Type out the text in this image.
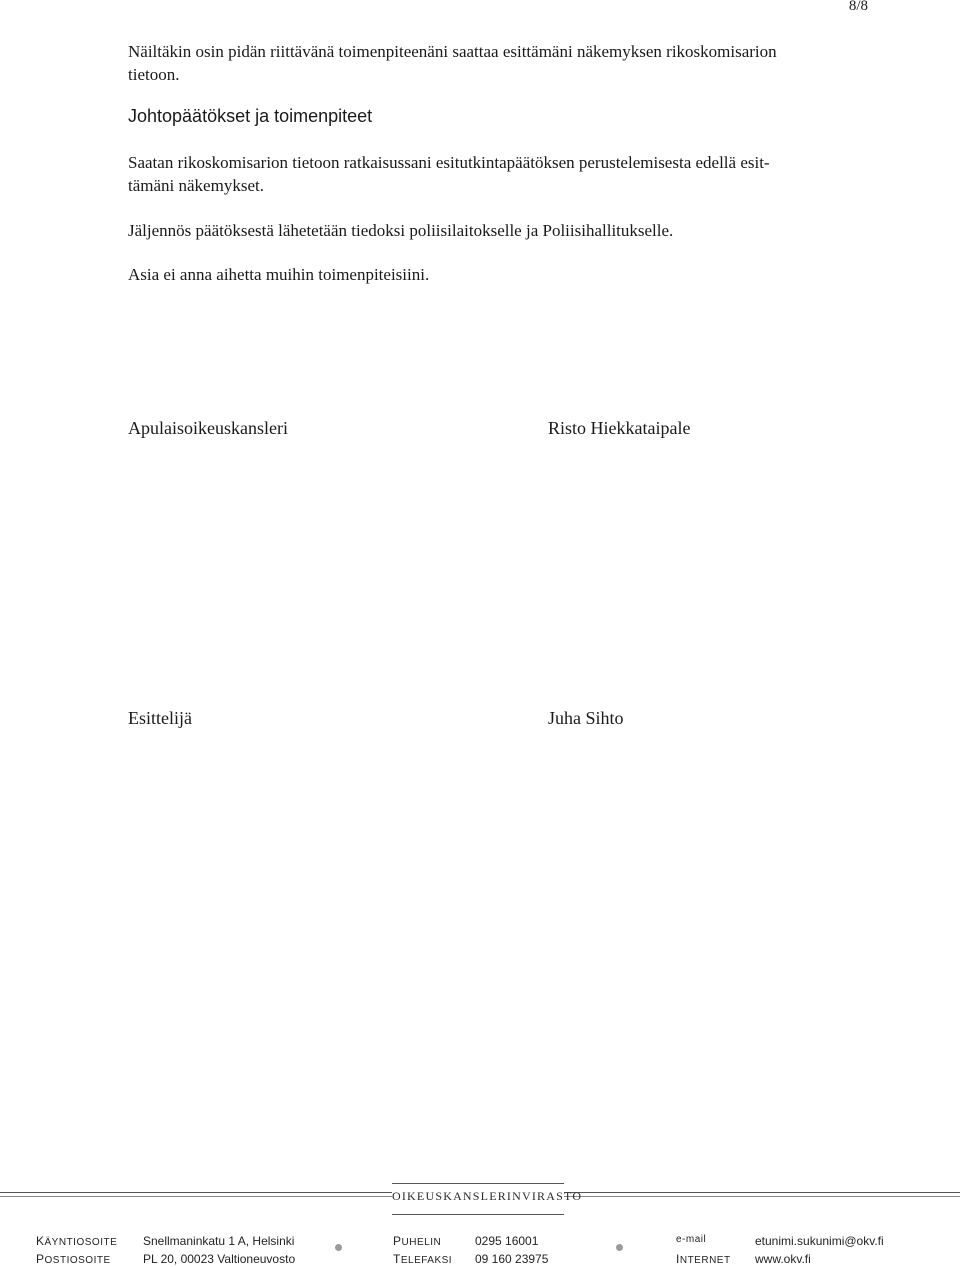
8/8
Näiltäkin osin pidän riittävänä toimenpiteenäni saattaa esittämäni näkemyksen rikoskomisarion
tietoon.
Johtopäätökset ja toimenpiteet
Saatan rikoskomisarion tietoon ratkaisussani esitutkintapäätöksen perustelemisesta edellä esit-
tämäni näkemykset.
Jäljennös päätöksestä lähetetään tiedoksi poliisilaitokselle ja Poliisihallitukselle.
Asia ei anna aihetta muihin toimenpiteisiini.
Apulaisoikeuskansleri	Risto Hiekkataipale
Esittelijä	Juha Sihto
OIKEUSKANSLERINVIRASTO
KÄYNTIOSOITE Snellmaninkatu 1 A, Helsinki
POSTIOSOITE	PL 20, 00023 Valtioneuvosto
PUHELIN	0295 16001
TELEFAKSI 09 160 23975
e-mail	etunimi.sukunimi@okv.fi
INTERNET www.okv.fi
